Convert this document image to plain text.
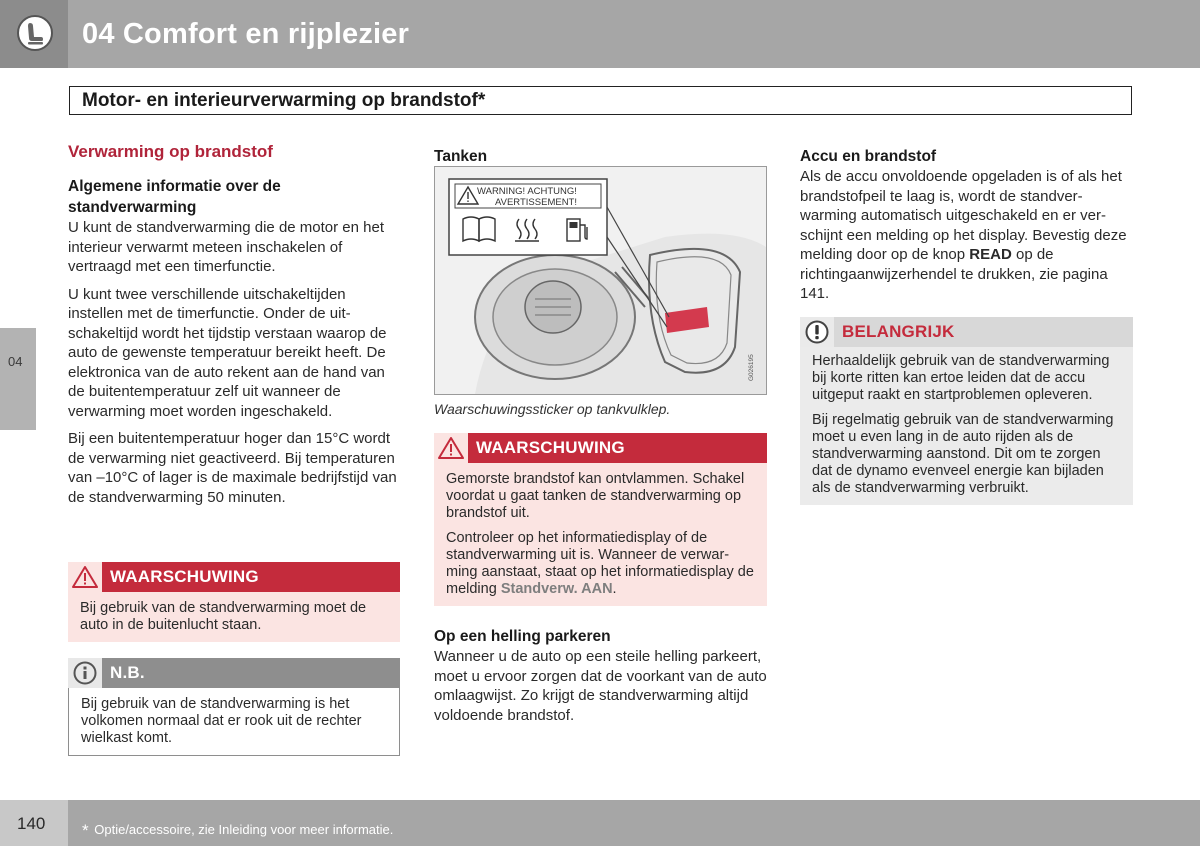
04 Comfort en rijplezier
04
Motor- en interieurverwarming op brandstof*
Verwarming op brandstof
Algemene informatie over de standverwarming

U kunt de standverwarming die de motor en het interieur verwarmt meteen inschakelen of vertraagd met een timerfunctie.

U kunt twee verschillende uitschakeltijden instellen met de timerfunctie. Onder de uitschakeltijd wordt het tijdstip verstaan waarop de auto de gewenste temperatuur bereikt heeft. De elektronica van de auto rekent aan de hand van de buitentemperatuur zelf uit wanneer de verwarming moet worden ingeschakeld.

Bij een buitentemperatuur hoger dan 15°C wordt de verwarming niet geactiveerd. Bij temperaturen van –10°C of lager is de maximale bedrijfstijd van de standverwarming 50 minuten.

WAARSCHUWING

Bij gebruik van de standverwarming moet de auto in de buitenlucht staan.

N.B.

Bij gebruik van de standverwarming is het volkomen normaal dat er rook uit de rechter wielkast komt.

Tanken
WARNING! ACHTUNG!
AVERTISSEMENT!
G026195
Waarschuwingssticker op tankvulklep.
WAARSCHUWING

Gemorste brandstof kan ontvlammen. Schakel voordat u gaat tanken de standverwarming op brandstof uit.

Controleer op het informatiedisplay of de standverwarming uit is. Wanneer de verwarming aanstaat, staat op het informatiedisplay de melding Standverw. AAN.

Op een helling parkeren

Wanneer u de auto op een steile helling parkeert, moet u ervoor zorgen dat de voorkant van de auto omlaagwijst. Zo krijgt de standverwarming altijd voldoende brandstof.

Accu en brandstof

Als de accu onvoldoende opgeladen is of als het brandstofpeil te laag is, wordt de standverwarming automatisch uitgeschakeld en er verschijnt een melding op het display. Bevestig deze melding door op de knop READ op de richtingaanwijzerhendel te drukken, zie pagina 141.

BELANGRIJK

Herhaaldelijk gebruik van de standverwarming bij korte ritten kan ertoe leiden dat de accu uitgeput raakt en startproblemen opleveren.

Bij regelmatig gebruik van de standverwarming moet u even lang in de auto rijden als de standverwarming aanstond. Dit om te zorgen dat de dynamo evenveel energie kan bijladen als de standverwarming verbruikt.

140 * Optie/accessoire, zie Inleiding voor meer informatie.
